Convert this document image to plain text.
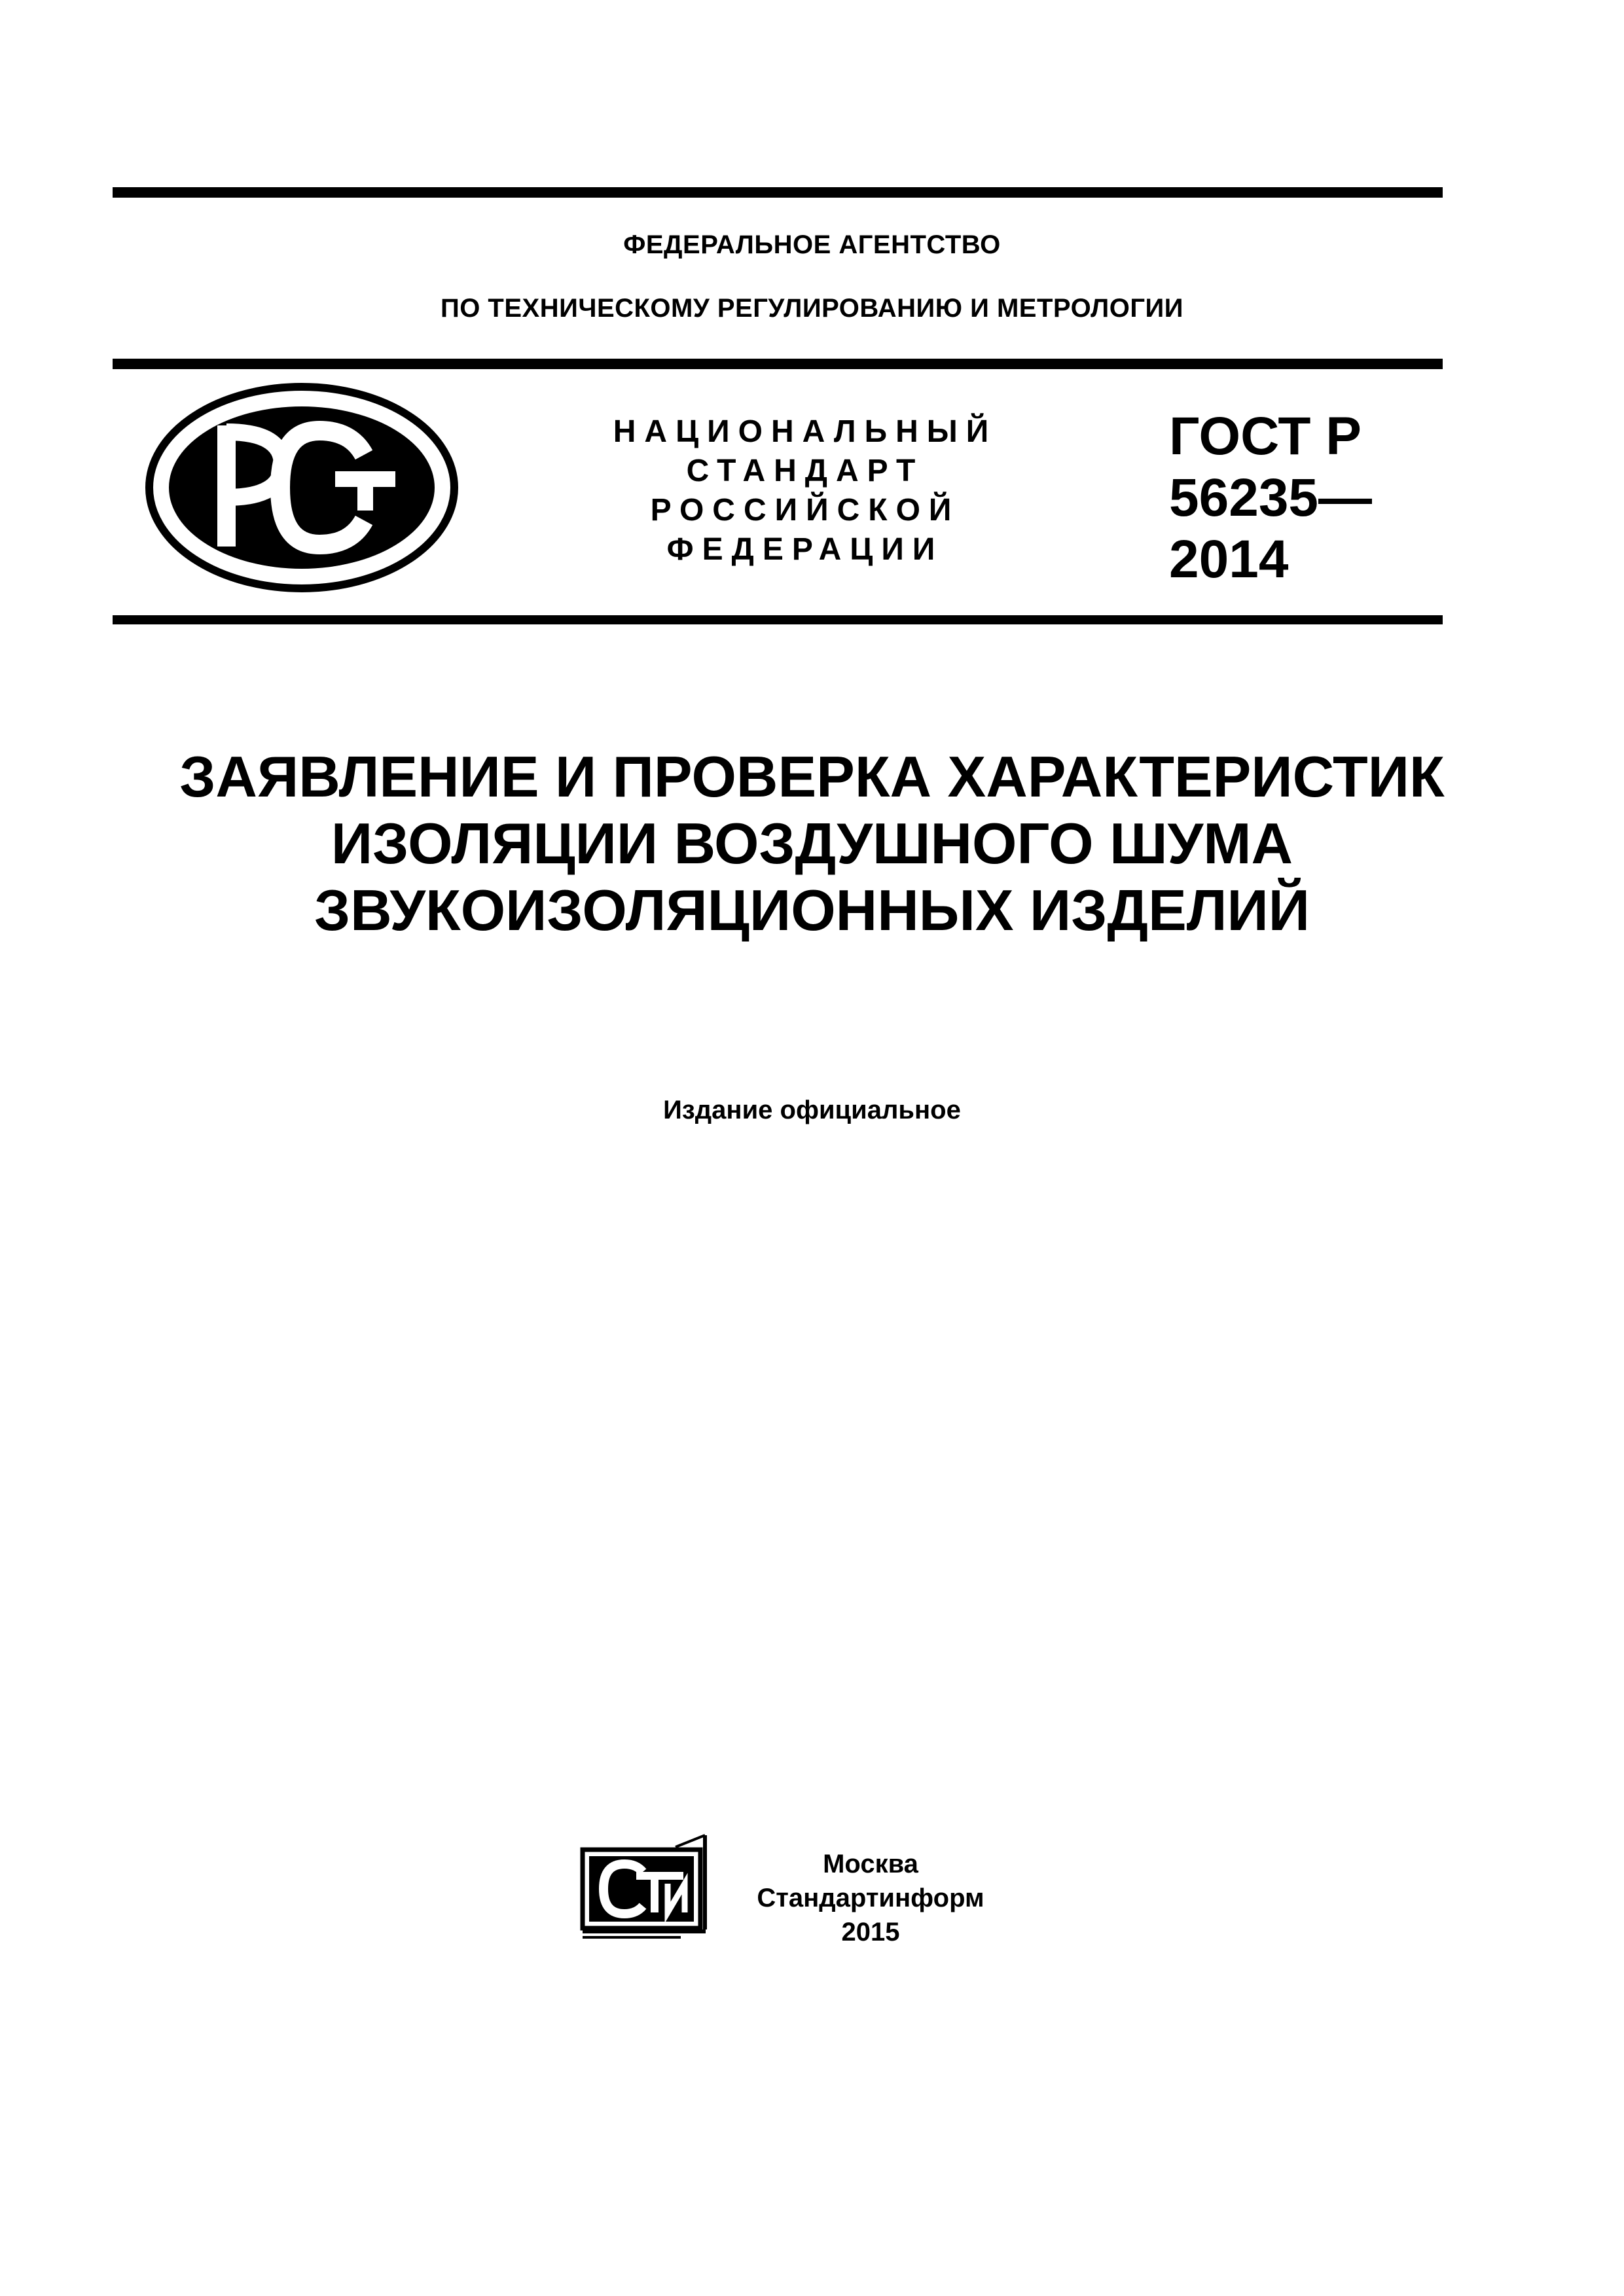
ФЕДЕРАЛЬНОЕ АГЕНТСТВО
ПО ТЕХНИЧЕСКОМУ РЕГУЛИРОВАНИЮ И МЕТРОЛОГИИ
НАЦИОНАЛЬНЫЙ
СТАНДАРТ
РОССИЙСКОЙ
ФЕДЕРАЦИИ
ГОСТ Р
56235—
2014
ЗАЯВЛЕНИЕ И ПРОВЕРКА ХАРАКТЕРИСТИК
ИЗОЛЯЦИИ ВОЗДУШНОГО ШУМА
ЗВУКОИЗОЛЯЦИОННЫХ ИЗДЕЛИЙ
Издание официальное
Москва
Стандартинформ
2015
